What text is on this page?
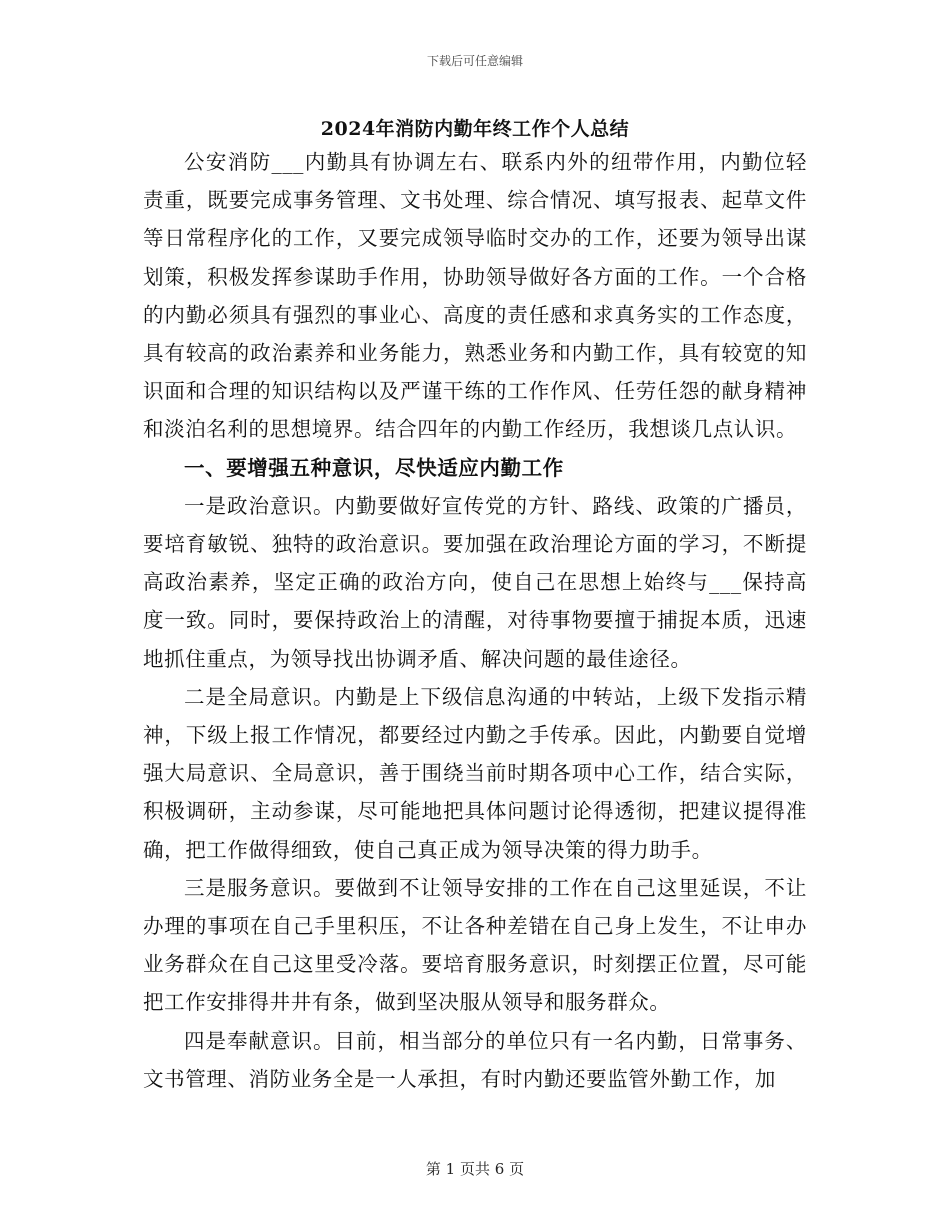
下载后可任意编辑
2024年消防内勤年终工作个人总结

公安消防___内勤具有协调左右、联系内外的纽带作用，内勤位轻责重，既要完成事务管理、文书处理、综合情况、填写报表、起草文件等日常程序化的工作，又要完成领导临时交办的工作，还要为领导出谋划策，积极发挥参谋助手作用，协助领导做好各方面的工作。一个合格的内勤必须具有强烈的事业心、高度的责任感和求真务实的工作态度，具有较高的政治素养和业务能力，熟悉业务和内勤工作，具有较宽的知识面和合理的知识结构以及严谨干练的工作作风、任劳任怨的献身精神和淡泊名利的思想境界。结合四年的内勤工作经历，我想谈几点认识。

一、要增强五种意识，尽快适应内勤工作

一是政治意识。内勤要做好宣传党的方针、路线、政策的广播员，要培育敏锐、独特的政治意识。要加强在政治理论方面的学习，不断提高政治素养，坚定正确的政治方向，使自己在思想上始终与___保持高度一致。同时，要保持政治上的清醒，对待事物要擅于捕捉本质，迅速地抓住重点，为领导找出协调矛盾、解决问题的最佳途径。

二是全局意识。内勤是上下级信息沟通的中转站，上级下发指示精神，下级上报工作情况，都要经过内勤之手传承。因此，内勤要自觉增强大局意识、全局意识，善于围绕当前时期各项中心工作，结合实际，积极调研，主动参谋，尽可能地把具体问题讨论得透彻，把建议提得准确，把工作做得细致，使自己真正成为领导决策的得力助手。

三是服务意识。要做到不让领导安排的工作在自己这里延误，不让办理的事项在自己手里积压，不让各种差错在自己身上发生，不让申办业务群众在自己这里受冷落。要培育服务意识，时刻摆正位置，尽可能把工作安排得井井有条，做到坚决服从领导和服务群众。

四是奉献意识。目前，相当部分的单位只有一名内勤，日常事务、文书管理、消防业务全是一人承担，有时内勤还要监管外勤工作，加

第 1 页共 6 页
